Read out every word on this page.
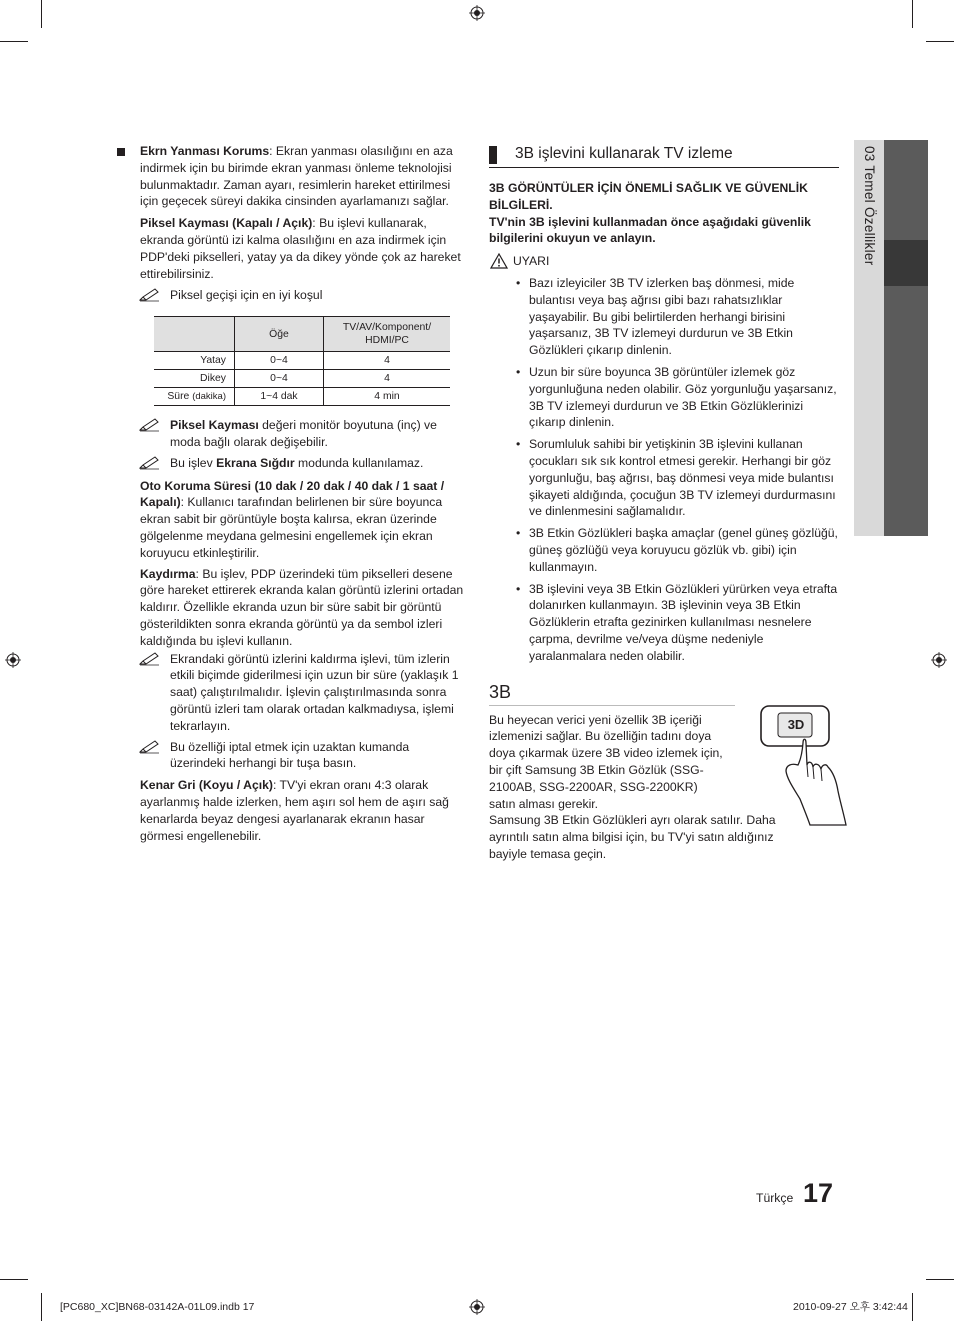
03 Temel Özellikler

Ekrn Yanması Korums: Ekran yanması olasılığını en aza indirmek için bu birimde ekran yanması önleme teknolojisi bulunmaktadır. Zaman ayarı, resimlerin hareket ettirilmesi için geçecek süreyi dakika cinsinden ayarlamanızı sağlar.

Piksel Kayması (Kapalı / Açık): Bu işlevi kullanarak, ekranda görüntü izi kalma olasılığını en aza indirmek için PDP'deki pikselleri, yatay ya da dikey yönde çok az hareket ettirebilirsiniz.

Piksel geçişi için en iyi koşul
	Öğe	TV/AV/Komponent/ HDMI/PC
Yatay	0~4	4
Dikey	0~4	4
Süre (dakika)	1~4 dak	4 min
Piksel Kayması değeri monitör boyutuna (inç) ve moda bağlı olarak değişebilir.
Bu işlev Ekrana Sığdır modunda kullanılamaz.

Oto Koruma Süresi (10 dak / 20 dak / 40 dak / 1 saat / Kapalı): Kullanıcı tarafından belirlenen bir süre boyunca ekran sabit bir görüntüyle boşta kalırsa, ekran üzerinde gölgelenme meydana gelmesini engellemek için ekran koruyucu etkinleştirilir.

Kaydırma: Bu işlev, PDP üzerindeki tüm pikselleri desene göre hareket ettirerek ekranda kalan görüntü izlerini ortadan kaldırır. Özellikle ekranda uzun bir süre sabit bir görüntü gösterildikten sonra ekranda görüntü ya da sembol izleri kaldığında bu işlevi kullanın.

Ekrandaki görüntü izlerini kaldırma işlevi, tüm izlerin etkili biçimde giderilmesi için uzun bir süre (yaklaşık 1 saat) çalıştırılmalıdır. İşlevin çalıştırılmasında sonra görüntü izleri tam olarak ortadan kalkmadıysa, işlemi tekrarlayın.
Bu özelliği iptal etmek için uzaktan kumanda üzerindeki herhangi bir tuşa basın.

Kenar Gri (Koyu / Açık): TV'yi ekran oranı 4:3 olarak ayarlanmış halde izlerken, hem aşırı sol hem de aşırı sağ kenarlarda beyaz dengesi ayarlanarak ekranın hasar görmesi engellenebilir.

3B işlevini kullanarak TV izleme

3B GÖRÜNTÜLER İÇİN ÖNEMLİ SAĞLIK VE GÜVENLİK BİLGİLERİ.

TV'nin 3B işlevini kullanmadan önce aşağıdaki güvenlik bilgilerini okuyun ve anlayın.

UYARI
• Bazı izleyiciler 3B TV izlerken baş dönmesi, mide bulantısı veya baş ağrısı gibi bazı rahatsızlıklar yaşayabilir. Bu gibi belirtilerden herhangi birisini yaşarsanız, 3B TV izlemeyi durdurun ve 3B Etkin Gözlükleri çıkarıp dinlenin.
• Uzun bir süre boyunca 3B görüntüler izlemek göz yorgunluğuna neden olabilir. Göz yorgunluğu yaşarsanız, 3B TV izlemeyi durdurun ve 3B Etkin Gözlüklerinizi çıkarıp dinlenin.
• Sorumluluk sahibi bir yetişkinin 3B işlevini kullanan çocukları sık sık kontrol etmesi gerekir. Herhangi bir göz yorgunluğu, baş ağrısı, baş dönmesi veya mide bulantısı şikayeti aldığında, çocuğun 3B TV izlemeyi durdurmasını ve dinlenmesini sağlamalıdır.
• 3B Etkin Gözlükleri başka amaçlar (genel güneş gözlüğü, güneş gözlüğü veya koruyucu gözlük vb. gibi) için kullanmayın.
• 3B işlevini veya 3B Etkin Gözlükleri yürürken veya etrafta dolanırken kullanmayın. 3B işlevinin veya 3B Etkin Gözlüklerin etrafta gezinirken kullanılması nesnelere çarpma, devrilme ve/veya düşme nedeniyle yaralanmalara neden olabilir.
3B

Bu heyecan verici yeni özellik 3B içeriği izlemenizi sağlar. Bu özelliğin tadını doya doya çıkarmak üzere 3B video izlemek için, bir çift Samsung 3B Etkin Gözlük (SSG-2100AB, SSG-2200AR, SSG-2200KR) satın alması gerekir.

Samsung 3B Etkin Gözlükleri ayrı olarak satılır. Daha ayrıntılı satın alma bilgisi için, bu TV'yi satın aldığınız bayiyle temasa geçin.

3D
Türkçe 17
[PC680_XC]BN68-03142A-01L09.indb 17	2010-09-27 오후 3:42:44
